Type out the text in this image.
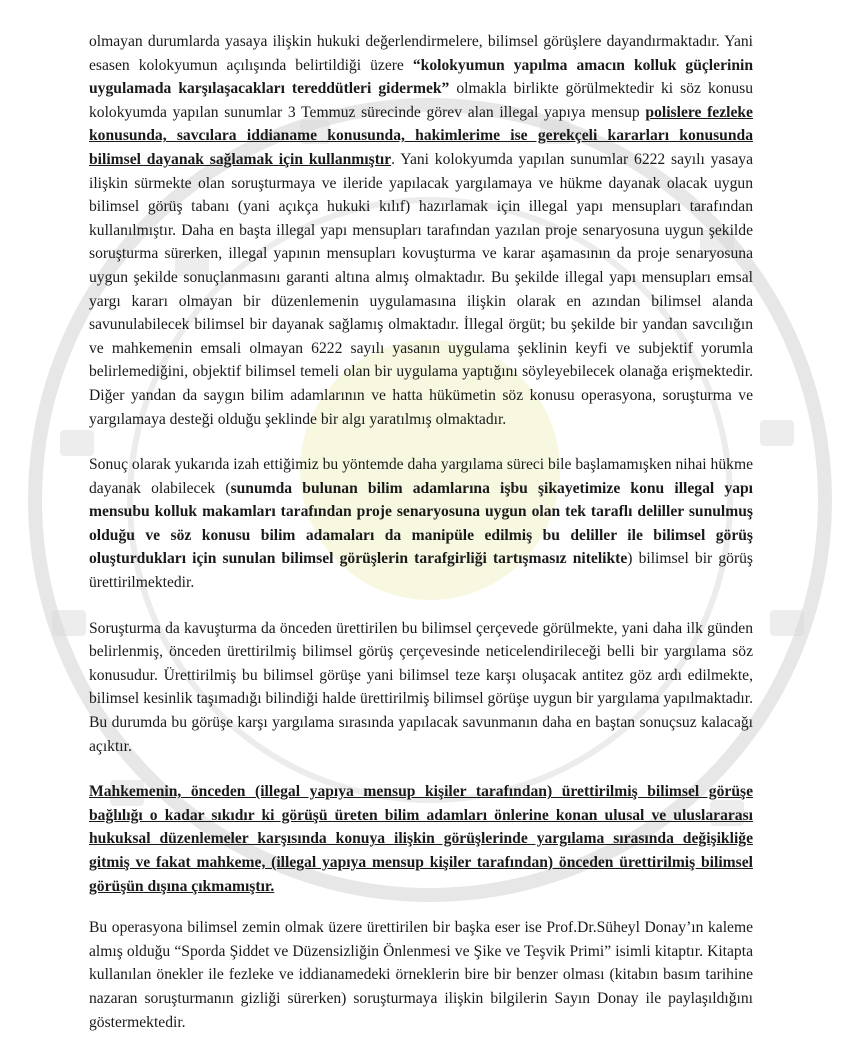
olmayan durumlarda yasaya ilişkin hukuki değerlendirmelere, bilimsel görüşlere dayandırmaktadır. Yani esasen kolokyumun açılışında belirtildiği üzere “kolokyumun yapılma amacın kolluk güçlerinin uygulamada karşılaşacakları tereddütleri gidermek” olmakla birlikte görülmektedir ki söz konusu kolokyumda yapılan sunumlar 3 Temmuz sürecinde görev alan illegal yapıya mensup polislere fezleke konusunda, savcılara iddianame konusunda, hakimlerime ise gerekçeli kararları konusunda bilimsel dayanak sağlamak için kullanmıştır. Yani kolokyumda yapılan sunumlar 6222 sayılı yasaya ilişkin sürmekte olan soruşturmaya ve ileride yapılacak yargılamaya ve hükme dayanak olacak uygun bilimsel görüş tabanı (yani açıkça hukuki kılıf) hazırlamak için illegal yapı mensupları tarafından kullanılmıştır. Daha en başta illegal yapı mensupları tarafından yazılan proje senaryosuna uygun şekilde soruşturma sürerken, illegal yapının mensupları kovuşturma ve karar aşamasının da proje senaryosuna uygun şekilde sonuçlanmasını garanti altına almış olmaktadır. Bu şekilde illegal yapı mensupları emsal yargı kararı olmayan bir düzenlemenin uygulamasına ilişkin olarak en azından bilimsel alanda savunulabilecek bilimsel bir dayanak sağlamış olmaktadır. İllegal örgüt; bu şekilde bir yandan savcılığın ve mahkemenin emsali olmayan 6222 sayılı yasanın uygulama şeklinin keyfi ve subjektif yorumla belirlemediğini, objektif bilimsel temeli olan bir uygulama yaptığını söyleyebilecek olanağa erişmektedir. Diğer yandan da saygın bilim adamlarının ve hatta hükümetin söz konusu operasyona, soruşturma ve yargılamaya desteği olduğu şeklinde bir algı yaratılmış olmaktadır.

Sonuç olarak yukarıda izah ettiğimiz bu yöntemde daha yargılama süreci bile başlamamışken nihai hükme dayanak olabilecek (sunumda bulunan bilim adamlarına işbu şikayetimize konu illegal yapı mensubu kolluk makamları tarafından proje senaryosuna uygun olan tek taraflı deliller sunulmuş olduğu ve söz konusu bilim adamaları da manipüle edilmiş bu deliller ile bilimsel görüş oluşturdukları için sunulan bilimsel görüşlerin tarafgirliği tartışmasız nitelikte) bilimsel bir görüş ürettirilmektedir.

Soruşturma da kavuşturma da önceden ürettirilen bu bilimsel çerçevede görülmekte, yani daha ilk günden belirlenmiş, önceden ürettirilmiş bilimsel görüş çerçevesinde neticelendirileceği belli bir yargılama söz konusudur. Ürettirilmiş bu bilimsel görüşe yani bilimsel teze karşı oluşacak antitez göz ardı edilmekte, bilimsel kesinlik taşımadığı bilindiği halde ürettirilmiş bilimsel görüşe uygun bir yargılama yapılmaktadır. Bu durumda bu görüşe karşı yargılama sırasında yapılacak savunmanın daha en baştan sonuçsuz kalacağı açıktır.

Mahkemenin, önceden (illegal yapıya mensup kişiler tarafından) ürettirilmiş bilimsel görüşe bağlılığı o kadar sıkıdır ki görüşü üreten bilim adamları önlerine konan ulusal ve uluslararası hukuksal düzenlemeler karşısında konuya ilişkin görüşlerinde yargılama sırasında değişikliğe gitmiş ve fakat mahkeme, (illegal yapıya mensup kişiler tarafından) önceden ürettirilmiş bilimsel görüşün dışına çıkmamıştır.

Bu operasyona bilimsel zemin olmak üzere ürettirilen bir başka eser ise Prof.Dr.Süheyl Donay’ın kaleme almış olduğu “Sporda Şiddet ve Düzensizliğin Önlenmesi ve Şike ve Teşvik Primi” isimli kitaptır. Kitapta kullanılan önekler ile fezleke ve iddianamedeki örneklerin bire bir benzer olması (kitabın basım tarihine nazaran soruşturmanın gizliği sürerken) soruşturmaya ilişkin bilgilerin Sayın Donay ile paylaşıldığını göstermektedir.
